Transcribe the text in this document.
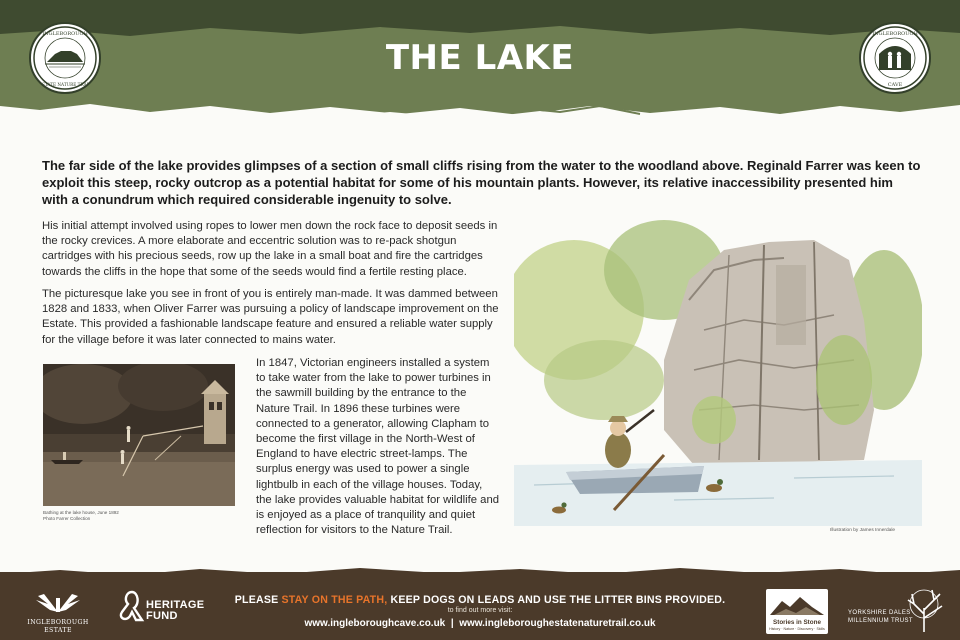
THE LAKE
INGLEBOROUGH
ESTATE NATURE TRAIL
INGLEBOROUGH
CAVE

The far side of the lake provides glimpses of a section of small cliffs rising from the water to the woodland above. Reginald Farrer was keen to exploit this steep, rocky outcrop as a potential habitat for some of his mountain plants. However, its relative inaccessibility presented him with a conundrum which required considerable ingenuity to solve.

His initial attempt involved using ropes to lower men down the rock face to deposit seeds in the rocky crevices. A more elaborate and eccentric solution was to re-pack shotgun cartridges with his precious seeds, row up the lake in a small boat and fire the cartridges towards the cliffs in the hope that some of the seeds would find a fertile resting place.

The picturesque lake you see in front of you is entirely man-made. It was dammed between 1828 and 1833, when Oliver Farrer was pursuing a policy of landscape improvement on the Estate. This provided a fashionable landscape feature and ensured a reliable water supply for the village before it was later connected to mains water.

Bathing at the lake house, June 1892
Photo Farrer Collection

In 1847, Victorian engineers installed a system to take water from the lake to power turbines in the sawmill building by the entrance to the Nature Trail. In 1896 these turbines were connected to a generator, allowing Clapham to become the first village in the North-West of England to have electric street-lamps. The surplus energy was used to power a single lightbulb in each of the village houses. Today, the lake provides valuable habitat for wildlife and is enjoyed as a place of tranquility and quiet reflection for visitors to the Nature Trail.	Illustration by James Innerdale
INGLEBOROUGH ESTATE
HERITAGE
FUND
PLEASE STAY ON THE PATH, KEEP DOGS ON LEADS AND USE THE LITTER BINS PROVIDED.
to find out more visit:
www.ingleboroughcave.co.uk | www.ingleboroughestatenaturetrail.co.uk	Stories in Stone
History · Nature · Discovery · Skills
YORKSHIRE DALES
MILLENNIUM TRUST
